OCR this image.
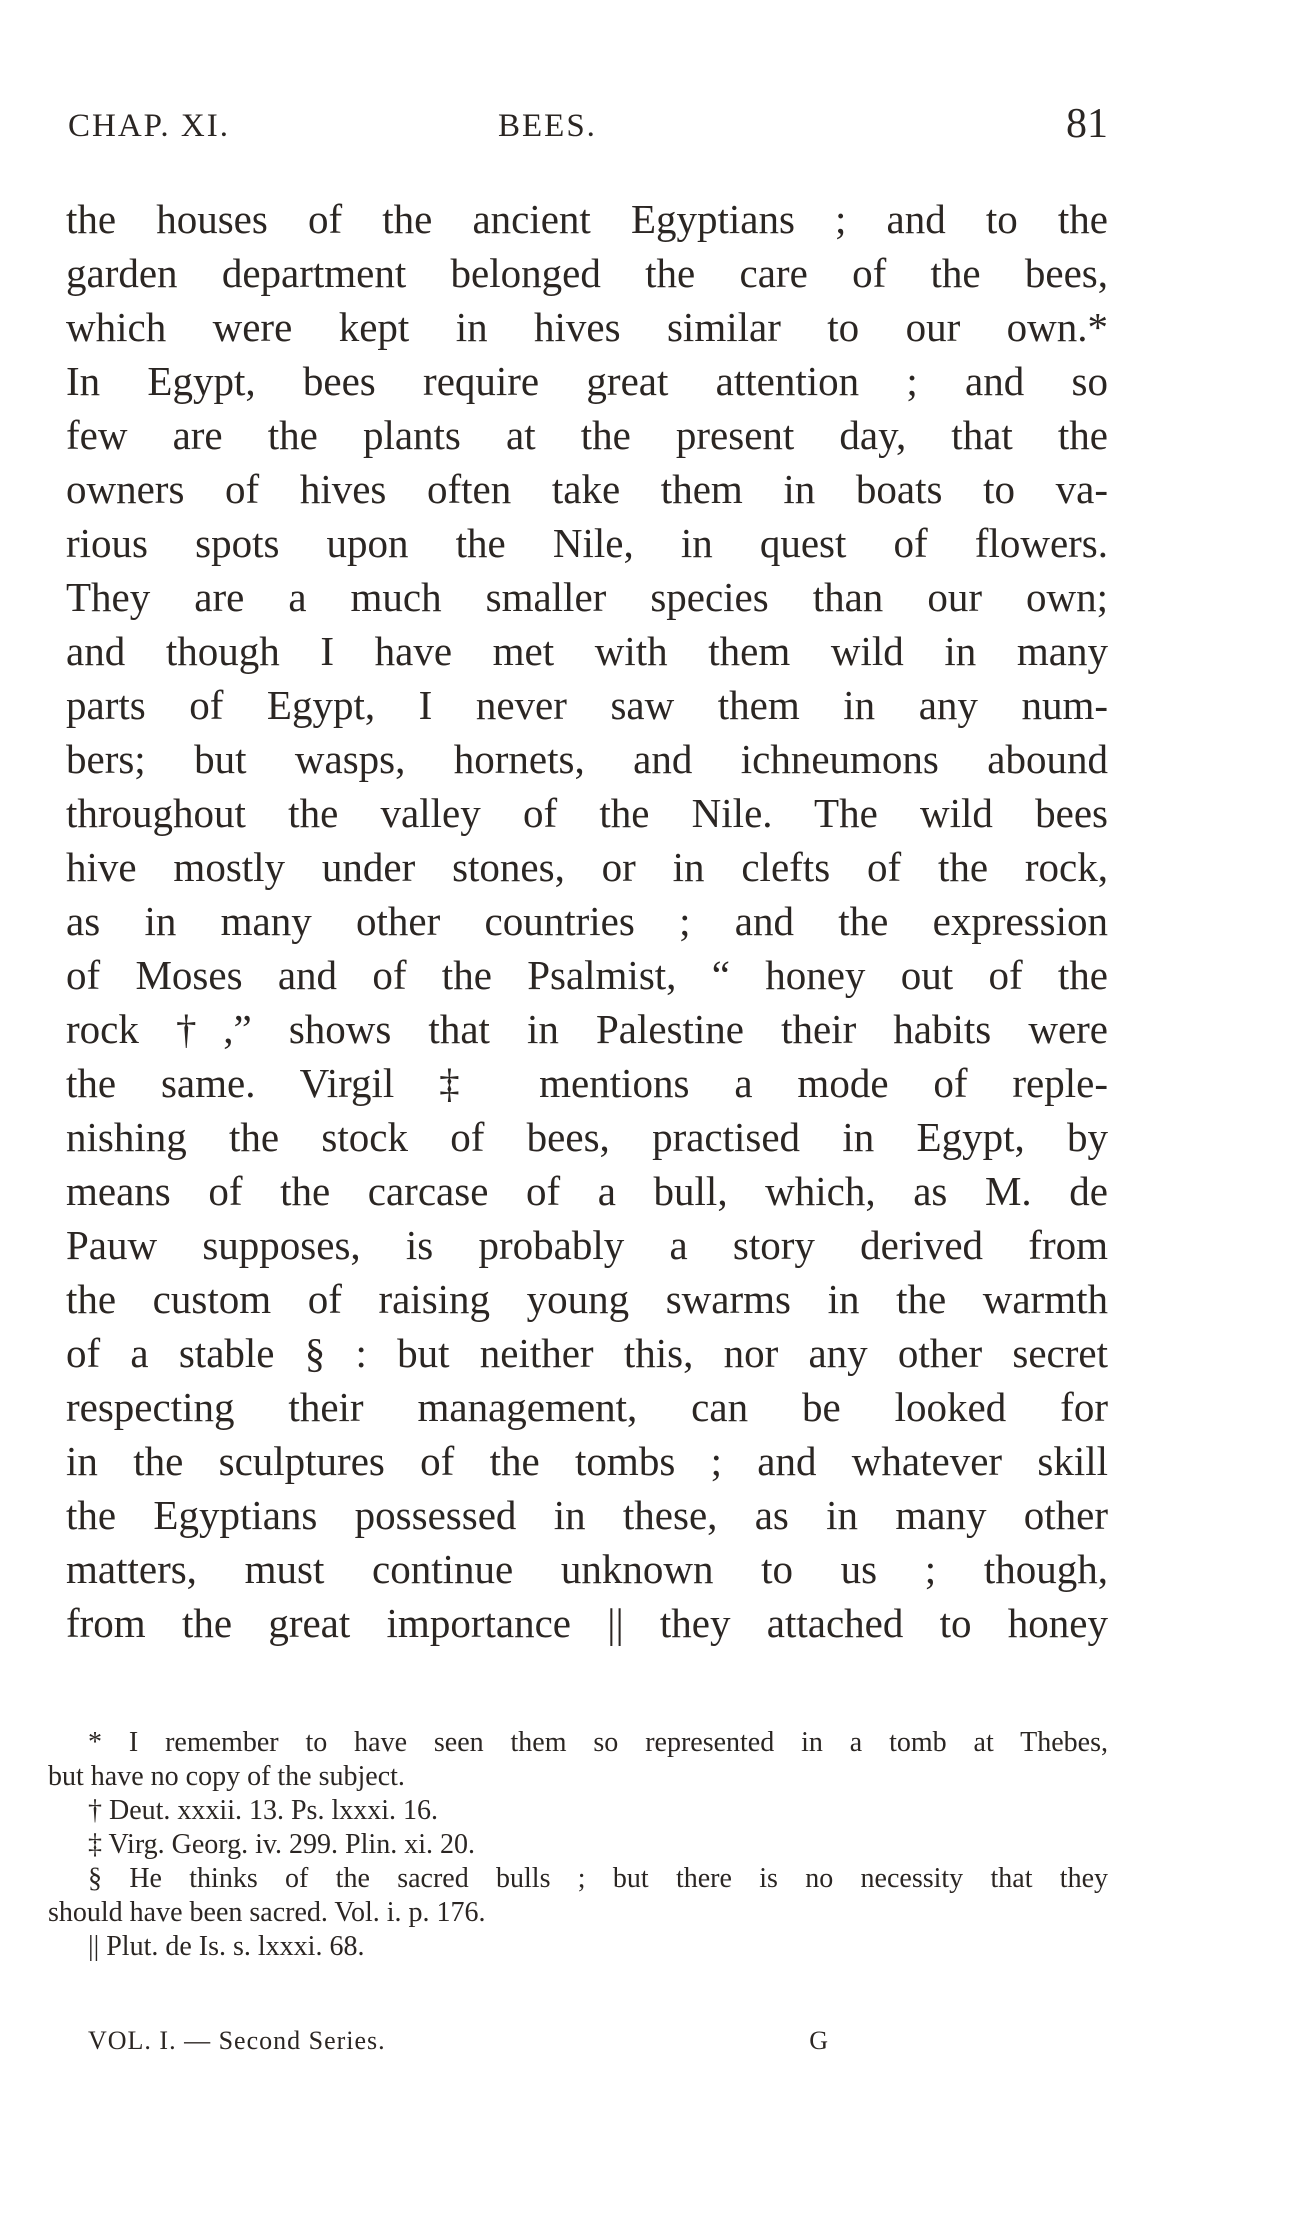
CHAP. XI.	BEES.	81
the houses of the ancient Egyptians ; and to the
garden department belonged the care of the bees,
which were kept in hives similar to our own.*
In Egypt, bees require great attention ; and so
few are the plants at the present day, that the
owners of hives often take them in boats to va-
rious spots upon the Nile, in quest of flowers.
They are a much smaller species than our own;
and though I have met with them wild in many
parts of Egypt, I never saw them in any num-
bers; but wasps, hornets, and ichneumons abound
throughout the valley of the Nile. The wild bees
hive mostly under stones, or in clefts of the rock,
as in many other countries ; and the expression
of Moses and of the Psalmist, “ honey out of the
rock †,” shows that in Palestine their habits were
the same. Virgil ‡ mentions a mode of reple-
nishing the stock of bees, practised in Egypt, by
means of the carcase of a bull, which, as M. de
Pauw supposes, is probably a story derived from
the custom of raising young swarms in the warmth
of a stable § : but neither this, nor any other secret
respecting their management, can be looked for
in the sculptures of the tombs ; and whatever skill
the Egyptians possessed in these, as in many other
matters, must continue unknown to us ; though,
from the great importance || they attached to honey
* I remember to have seen them so represented in a tomb at Thebes,
but have no copy of the subject.
† Deut. xxxii. 13. Ps. lxxxi. 16.
‡ Virg. Georg. iv. 299. Plin. xi. 20.
§ He thinks of the sacred bulls ; but there is no necessity that they
should have been sacred. Vol. i. p. 176.
|| Plut. de Is. s. lxxxi. 68.
VOL. I. — Second Series.	G
